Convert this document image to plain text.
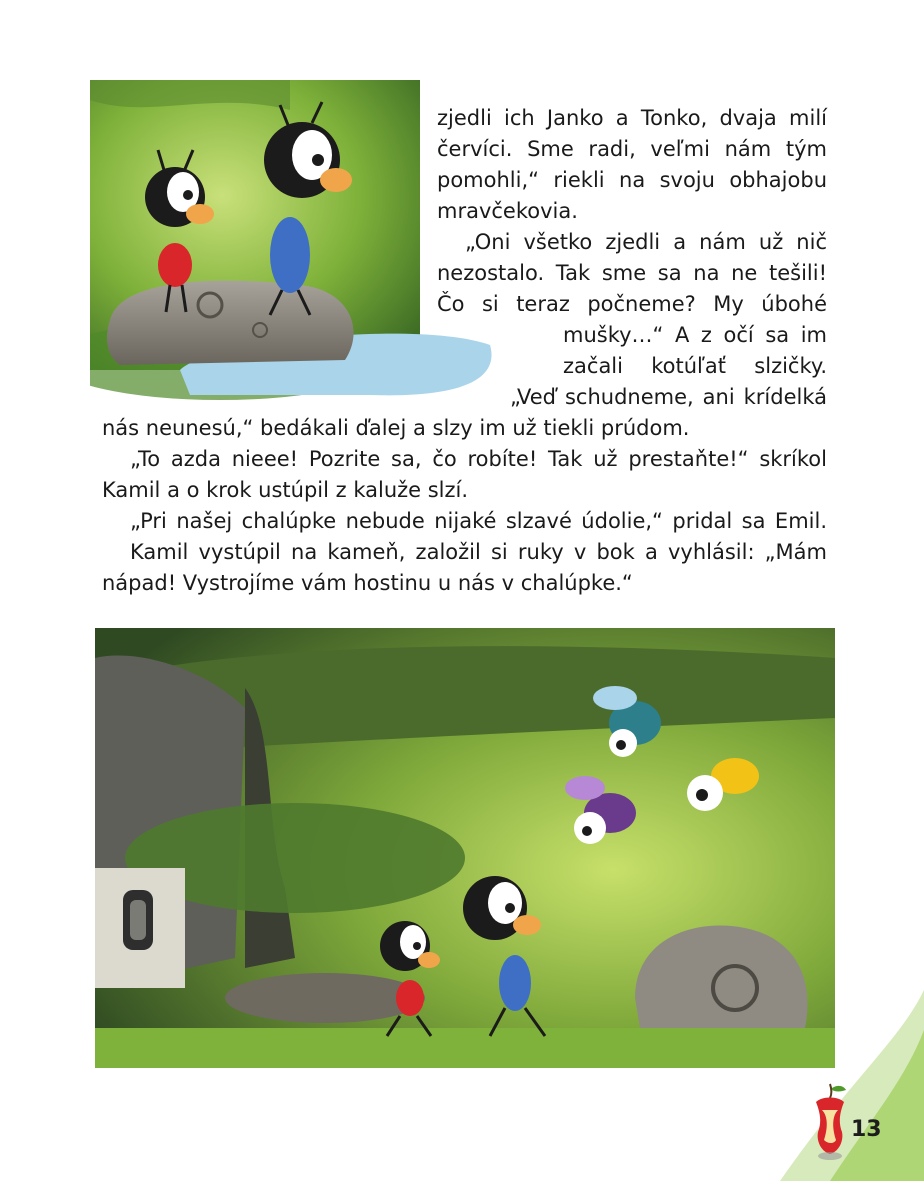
zjedli ich Janko a Tonko, dvaja milí

červíci. Sme radi, veľmi nám tým

pomohli,“ riekli na svoju obhajobu

mravčekovia.

„Oni všetko zjedli a nám už nič

nezostalo. Tak sme sa na ne tešili!

Čo si teraz počneme? My úbohé

mušky…“ A z očí sa im

začali kotúľať slzičky.

„Veď schudneme, ani krídelká

nás neunesú,“ bedákali ďalej a slzy im už tiekli prúdom.

„To azda nieee! Pozrite sa, čo robíte! Tak už prestaňte!“ skríkol

Kamil a o krok ustúpil z kaluže slzí.

„Pri našej chalúpke nebude nijaké slzavé údolie,“ pridal sa Emil.

Kamil vystúpil na kameň, založil si ruky v bok a vyhlásil: „Mám

nápad! Vystrojíme vám hostinu u nás v chalúpke.“

13
